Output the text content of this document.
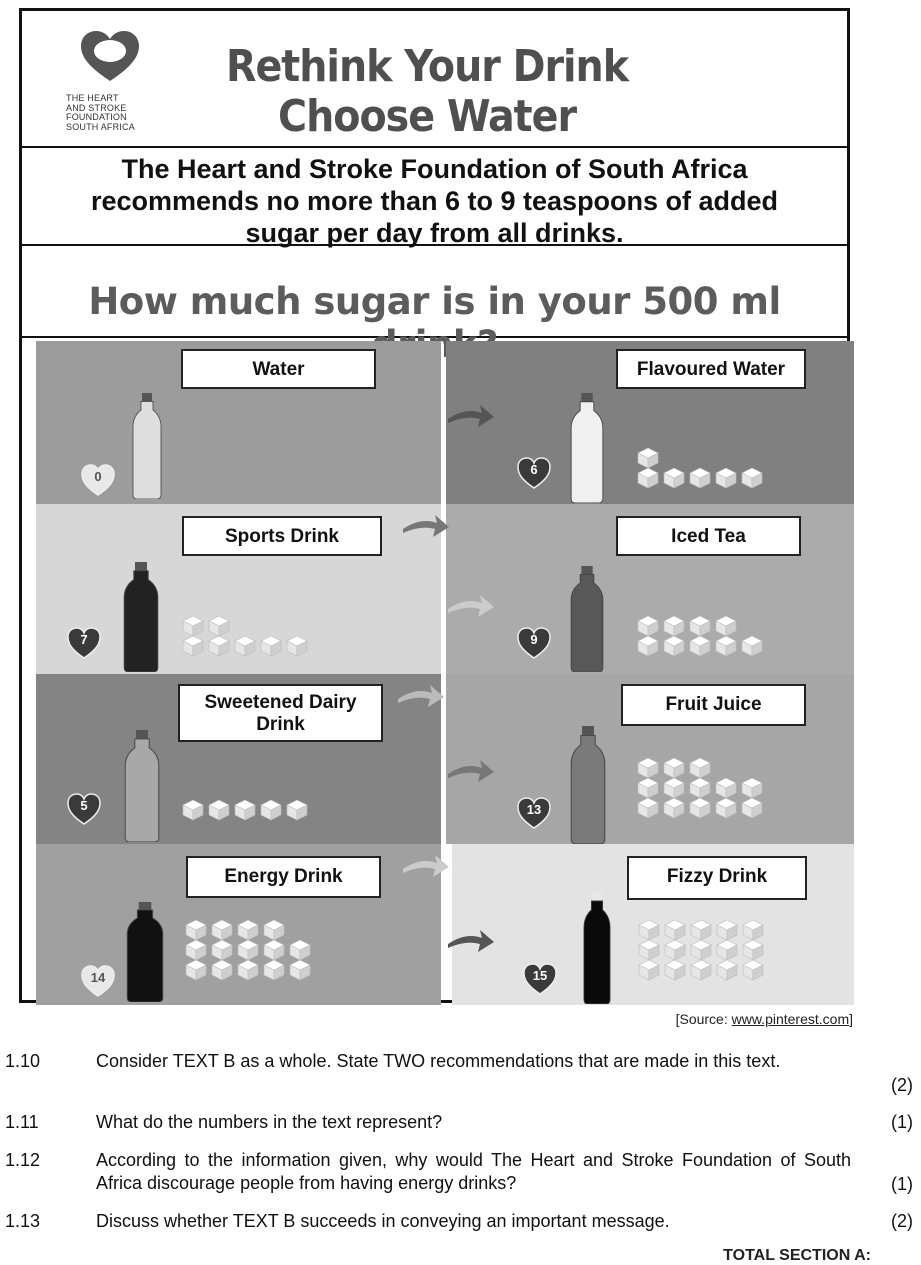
THE HEART
AND STROKE
FOUNDATION
SOUTH AFRICA
Rethink Your Drink
Choose Water
The Heart and Stroke Foundation of South Africa
recommends no more than 6 to 9 teaspoons of added
sugar per day from all drinks.
How much sugar is in your 500 ml
Water
0
Flavoured Water
6
Sports Drink
7
Iced Tea
9
Sweetened Dairy Drink
5
Fruit Juice
13
Energy Drink
14
Fizzy Drink
15
[Source: www.pinterest.com]
1.10	Consider TEXT B as a whole. State TWO recommendations that are made in this text.
(2)
1.11	What do the numbers in the text represent?	(1)
1.12	According to the information given, why would The Heart and Stroke Foundation of South Africa discourage people from having energy drinks?	(1)
1.13	Discuss whether TEXT B succeeds in conveying an important message.	(2)
TOTAL SECTION A:
